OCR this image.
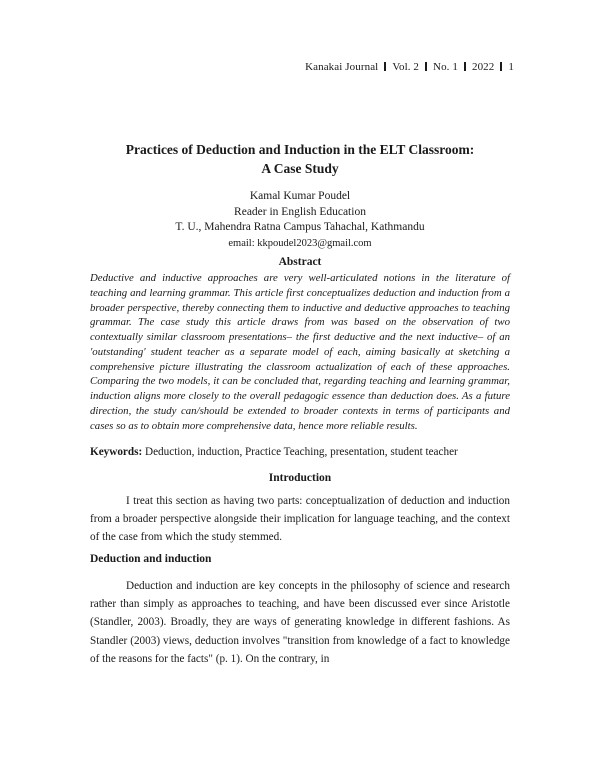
Kanakai Journal Vol. 2 No. 1 2022 1
Practices of Deduction and Induction in the ELT Classroom:
A Case Study
Kamal Kumar Poudel
Reader in English Education
T. U., Mahendra Ratna Campus Tahachal, Kathmandu
email: kkpoudel2023@gmail.com
Abstract
Deductive and inductive approaches are very well-articulated notions in the literature of teaching and learning grammar. This article first conceptualizes deduction and induction from a broader perspective, thereby connecting them to inductive and deductive approaches to teaching grammar. The case study this article draws from was based on the observation of two contextually similar classroom presentations– the first deductive and the next inductive– of an 'outstanding' student teacher as a separate model of each, aiming basically at sketching a comprehensive picture illustrating the classroom actualization of each of these approaches. Comparing the two models, it can be concluded that, regarding teaching and learning grammar, induction aligns more closely to the overall pedagogic essence than deduction does. As a future direction, the study can/should be extended to broader contexts in terms of participants and cases so as to obtain more comprehensive data, hence more reliable results.
Keywords: Deduction, induction, Practice Teaching, presentation, student teacher
Introduction
I treat this section as having two parts: conceptualization of deduction and induction from a broader perspective alongside their implication for language teaching, and the context of the case from which the study stemmed.
Deduction and induction
Deduction and induction are key concepts in the philosophy of science and research rather than simply as approaches to teaching, and have been discussed ever since Aristotle (Standler, 2003). Broadly, they are ways of generating knowledge in different fashions. As Standler (2003) views, deduction involves "transition from knowledge of a fact to knowledge of the reasons for the facts" (p. 1). On the contrary, in
